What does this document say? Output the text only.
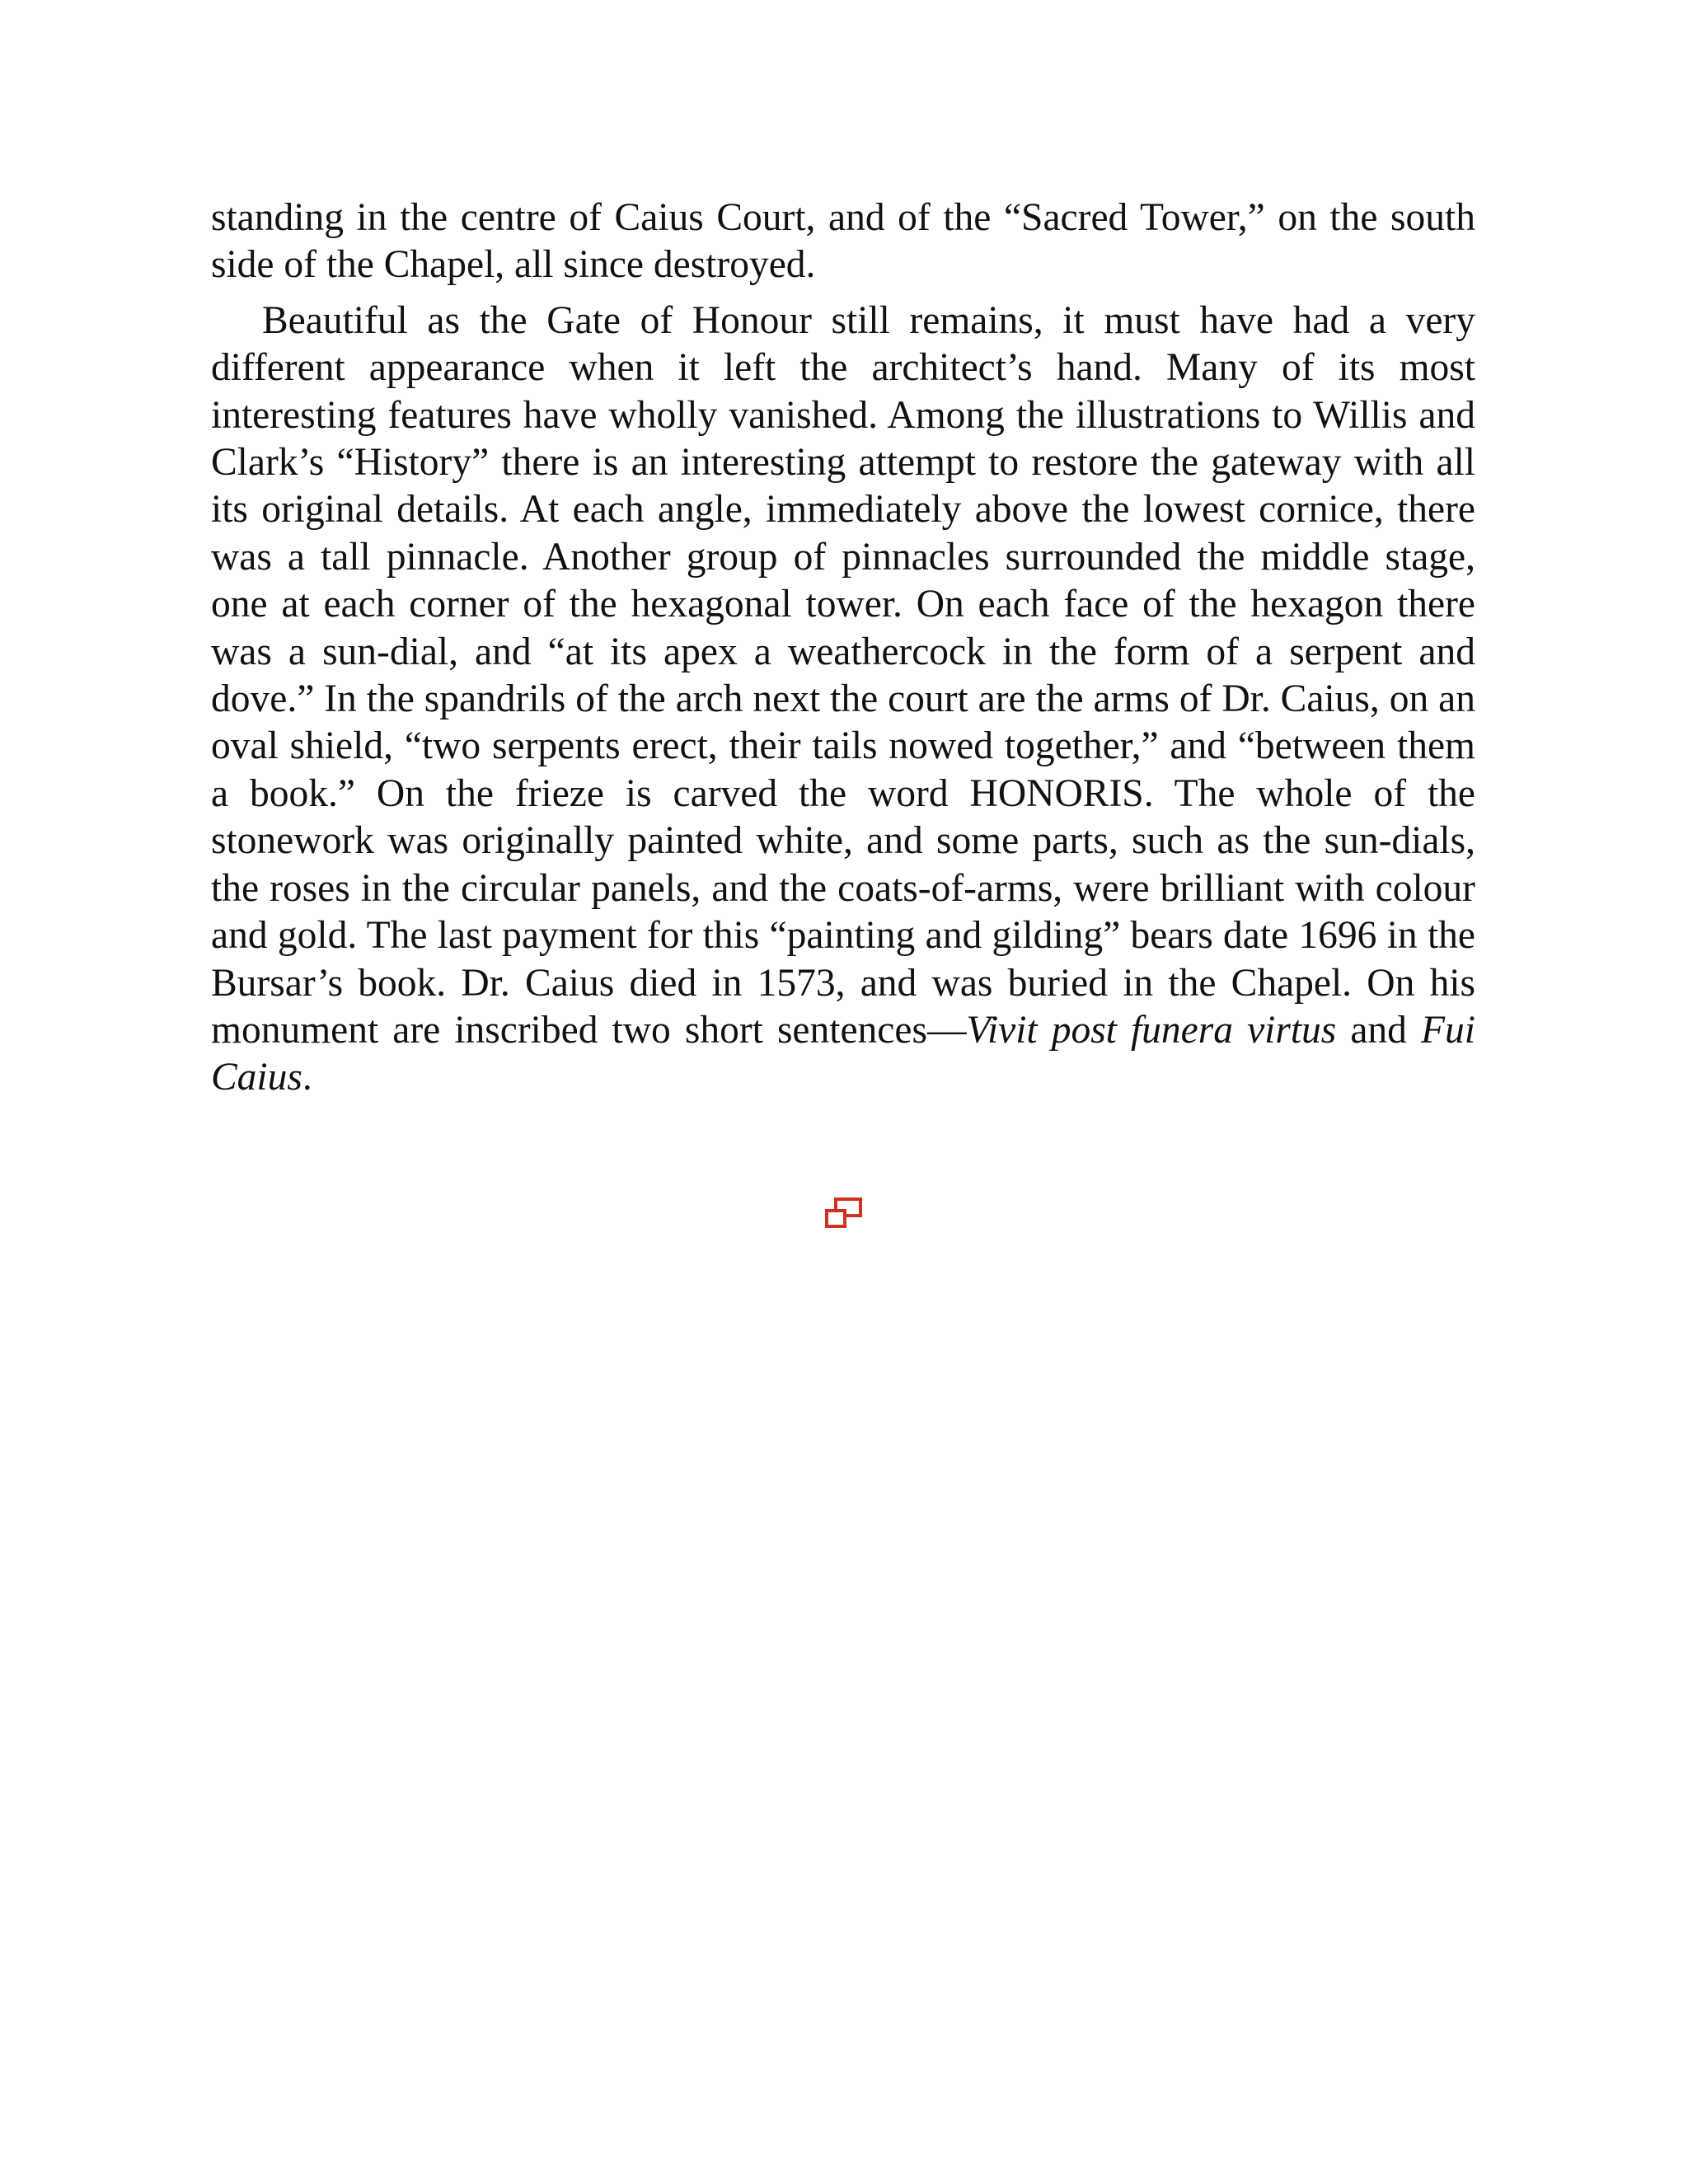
standing in the centre of Caius Court, and of the “Sacred Tower,” on the south side of the Chapel, all since destroyed.

Beautiful as the Gate of Honour still remains, it must have had a very different appearance when it left the architect’s hand. Many of its most interesting features have wholly vanished. Among the illustrations to Willis and Clark’s “History” there is an interesting attempt to restore the gateway with all its original details. At each angle, immediately above the lowest cornice, there was a tall pinnacle. Another group of pinnacles surrounded the middle stage, one at each corner of the hexagonal tower. On each face of the hexagon there was a sun-dial, and “at its apex a weathercock in the form of a serpent and dove.” In the spandrils of the arch next the court are the arms of Dr. Caius, on an oval shield, “two serpents erect, their tails nowed together,” and “between them a book.” On the frieze is carved the word HONORIS. The whole of the stonework was originally painted white, and some parts, such as the sun-dials, the roses in the circular panels, and the coats-of-arms, were brilliant with colour and gold. The last payment for this “painting and gilding” bears date 1696 in the Bursar’s book. Dr. Caius died in 1573, and was buried in the Chapel. On his monument are inscribed two short sentences—Vivit post funera virtus and Fui Caius.
